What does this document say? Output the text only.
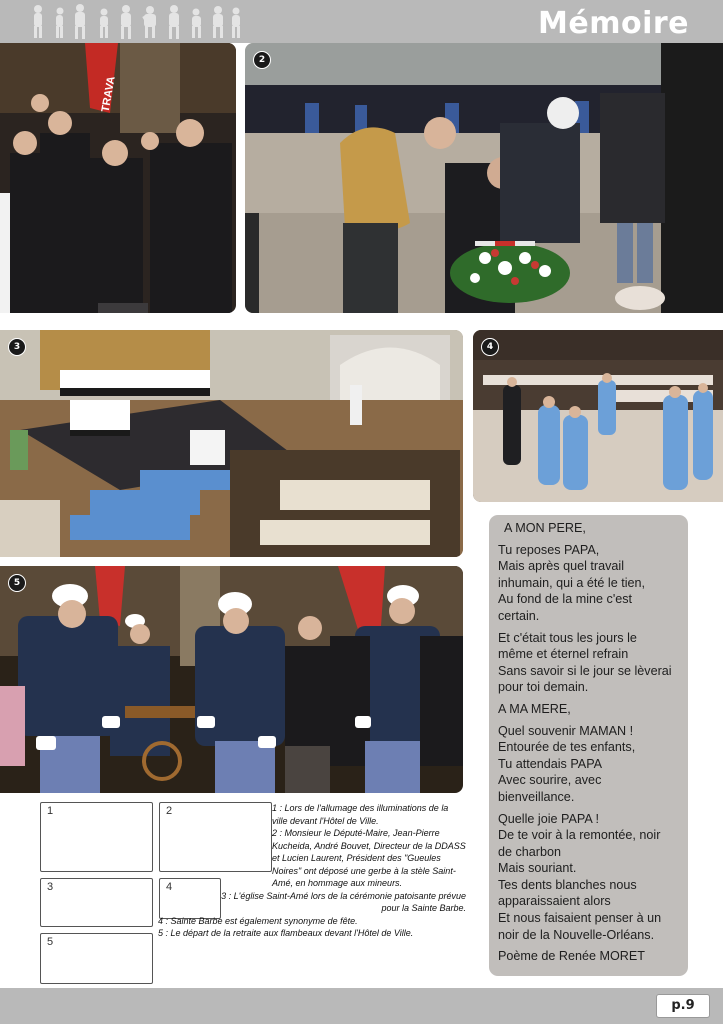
Mémoire
TRAVA
2
3	4
5
1	2
3	4
5

1 : Lors de l'allumage des illuminations de la ville devant l'Hôtel de Ville.

2 : Monsieur le Député-Maire, Jean-Pierre Kucheida, André Bouvet, Directeur de la DDASS et Lucien Laurent, Président des "Gueules Noires" ont déposé une gerbe à la stèle Saint-Amé, en hommage aux mineurs.

3 : L'église Saint-Amé lors de la cérémonie patoisante prévue pour la Sainte Barbe.

4 : Sainte Barbe est également synonyme de fête.

5 : Le départ de la retraite aux flambeaux devant l'Hôtel de Ville.

A MON PERE,
Tu reposes PAPA,
Mais après quel travail
inhumain, qui a été le tien,
Au fond de la mine c'est
certain.
Et c'était tous les jours le
même et éternel refrain
Sans savoir si le jour se lèverai
pour toi demain.
A MA MERE,
Quel souvenir MAMAN !
Entourée de tes enfants,
Tu attendais PAPA
Avec sourire, avec
bienveillance.
Quelle joie PAPA !
De te voir à la remontée, noir
de charbon
Mais souriant.
Tes dents blanches nous
apparaissaient alors
Et nous faisaient penser à un
noir de la Nouvelle-Orléans.
Poème de Renée MORET
p.9
